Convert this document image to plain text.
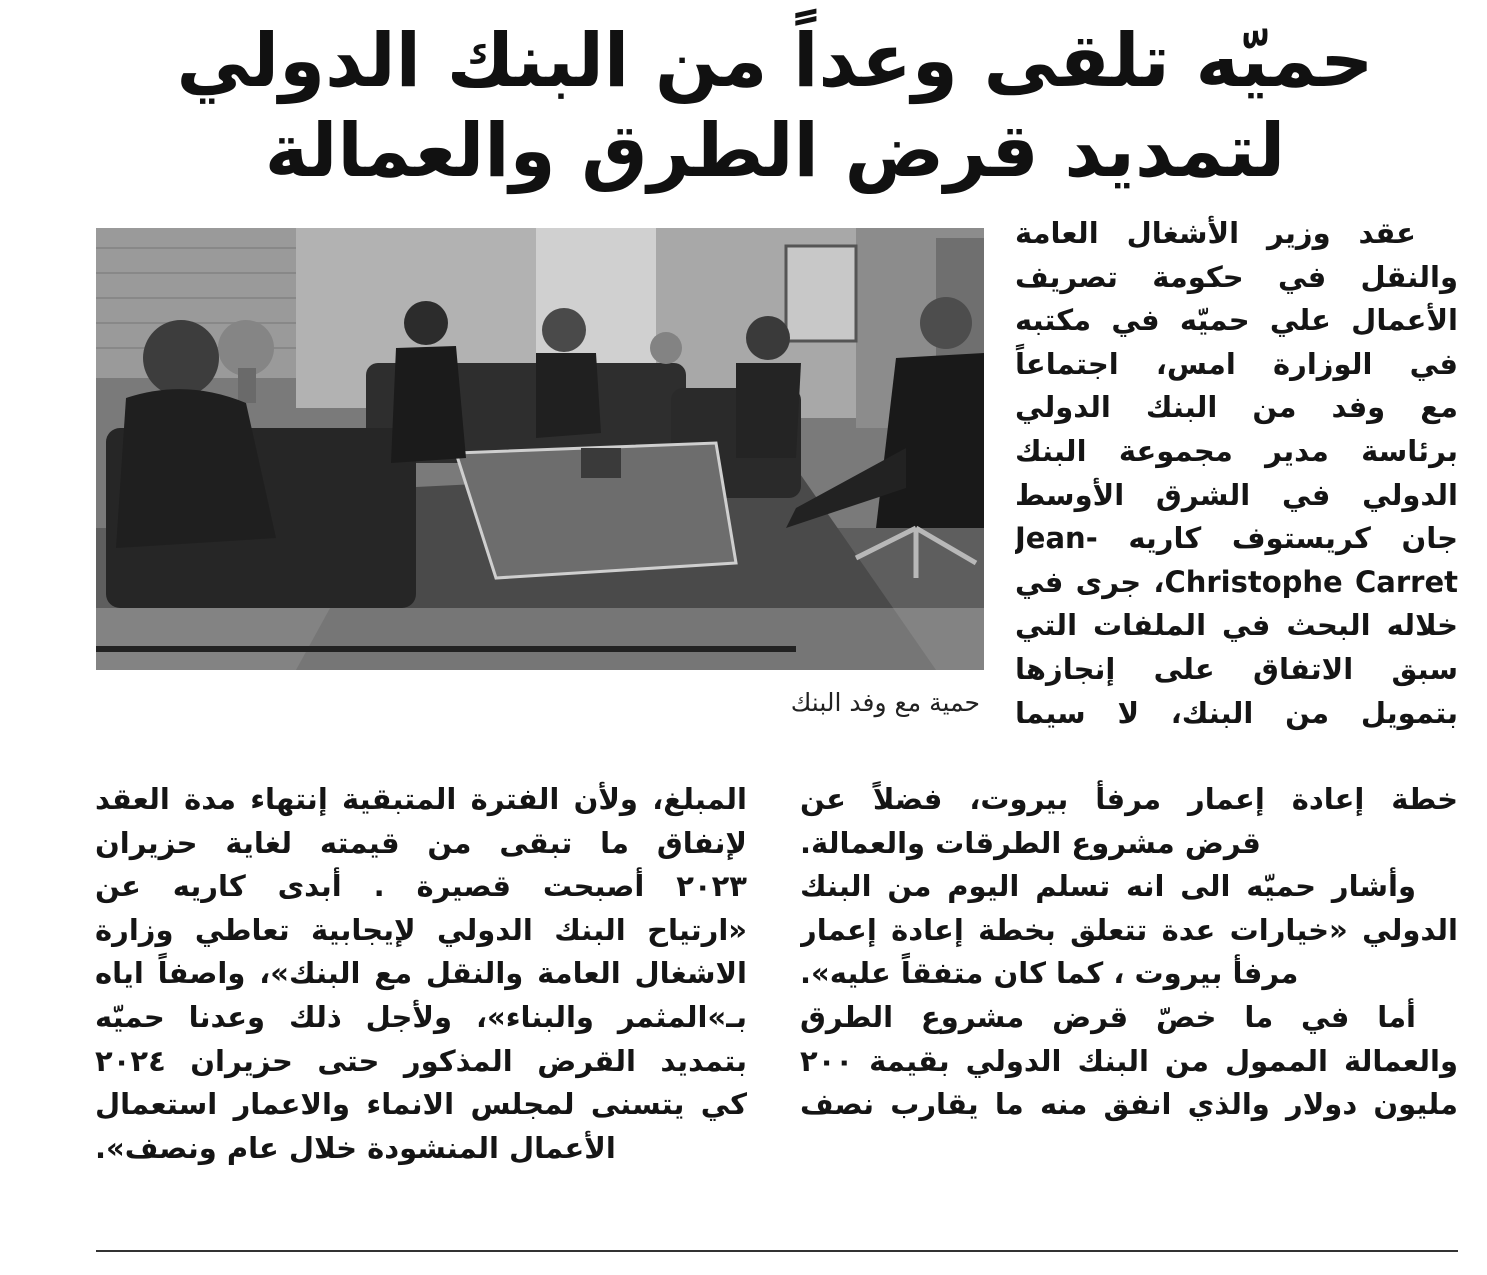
حميّه تلقى وعداً من البنك الدولي
لتمديد قرض الطرق والعمالة
حمية مع وفد البنك
عقد وزير الأشغال العامة
والنقل في حكومة تصريف
الأعمال علي حميّه في مكتبه
في الوزارة امس، اجتماعاً
مع وفد من البنك الدولي
برئاسة مدير مجموعة البنك
الدولي في الشرق الأوسط
جان كريستوف كاريه -Jean
Christophe Carret، جرى في
خلاله البحث في الملفات التي
سبق الاتفاق على إنجازها
بتمويل من البنك، لا سيما
خطة إعادة إعمار مرفأ بيروت، فضلاً عن
قرض مشروع الطرقات والعمالة.
وأشار حميّه الى انه تسلم اليوم من البنك
الدولي «خيارات عدة تتعلق بخطة إعادة إعمار
مرفأ بيروت ، كما كان متفقاً عليه».
أما في ما خصّ قرض مشروع الطرق
والعمالة الممول من البنك الدولي بقيمة ٢٠٠
مليون دولار والذي انفق منه ما يقارب نصف
المبلغ، ولأن الفترة المتبقية إنتهاء مدة العقد
لإنفاق ما تبقى من قيمته لغاية حزيران
٢٠٢٣ أصبحت قصيرة . أبدى كاريه عن
«ارتياح البنك الدولي لإيجابية تعاطي وزارة
الاشغال العامة والنقل مع البنك»، واصفاً اياه
بـ»المثمر والبناء»، ولأجل ذلك وعدنا حميّه
بتمديد القرض المذكور حتى حزيران ٢٠٢٤
كي يتسنى لمجلس الانماء والاعمار استعمال
الأعمال المنشودة خلال عام ونصف».
